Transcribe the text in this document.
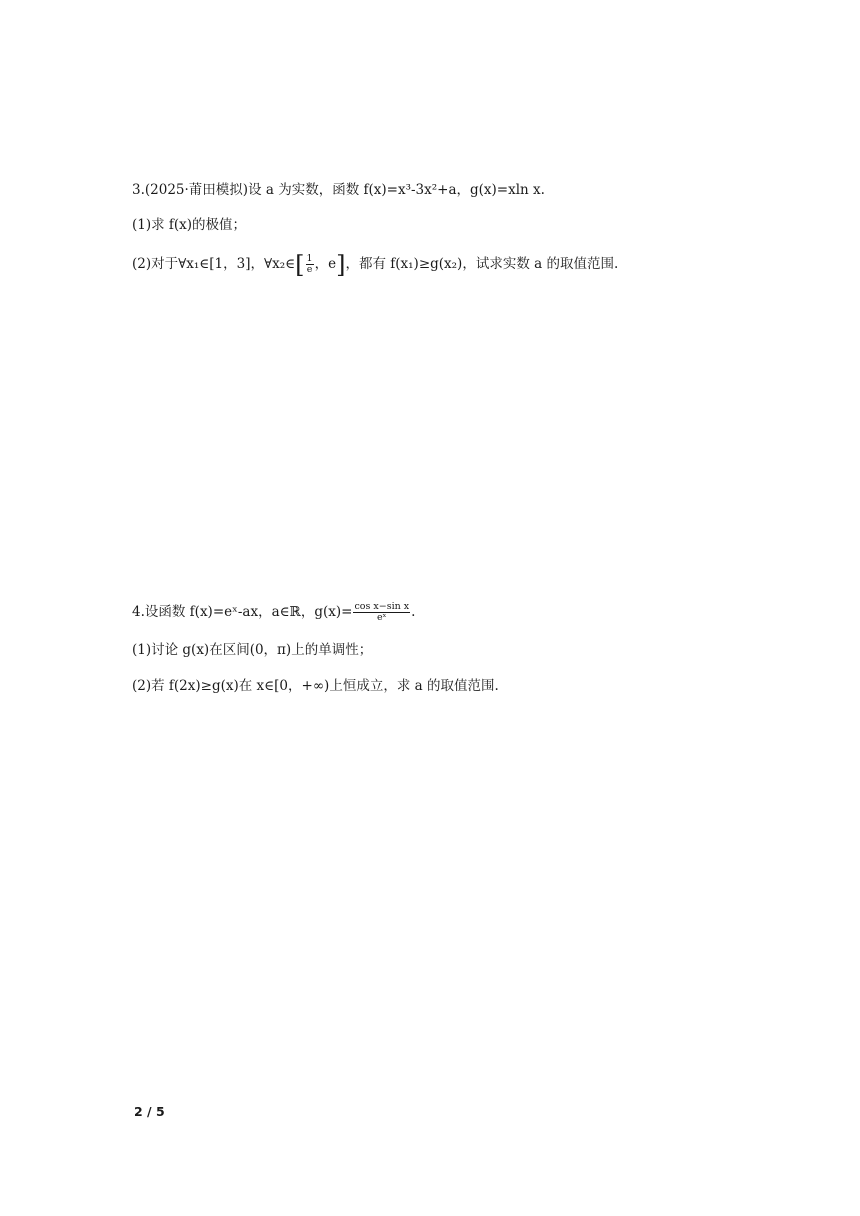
3.(2025·莆田模拟)设 a 为实数，函数 f(x)=x³-3x²+a，g(x)=xln x.
(1)求 f(x)的极值；
(2)对于∀x₁∈[1，3]，∀x₂∈[ $\frac{1}{e}$ ，e]，都有 f(x₁)≥g(x₂)，试求实数 a 的取值范围.
4.设函数 f(x)=eˣ-ax，a∈ℝ，$g(x)= \frac{\text{cos x−sin x}}{\text{eˣ}}$ .
(1)讨论 g(x)在区间(0，π)上的单调性；
(2)若 f(2x)≥g(x)在 x∈[0，+∞)上恒成立，求 a 的取值范围.
2 / 5
